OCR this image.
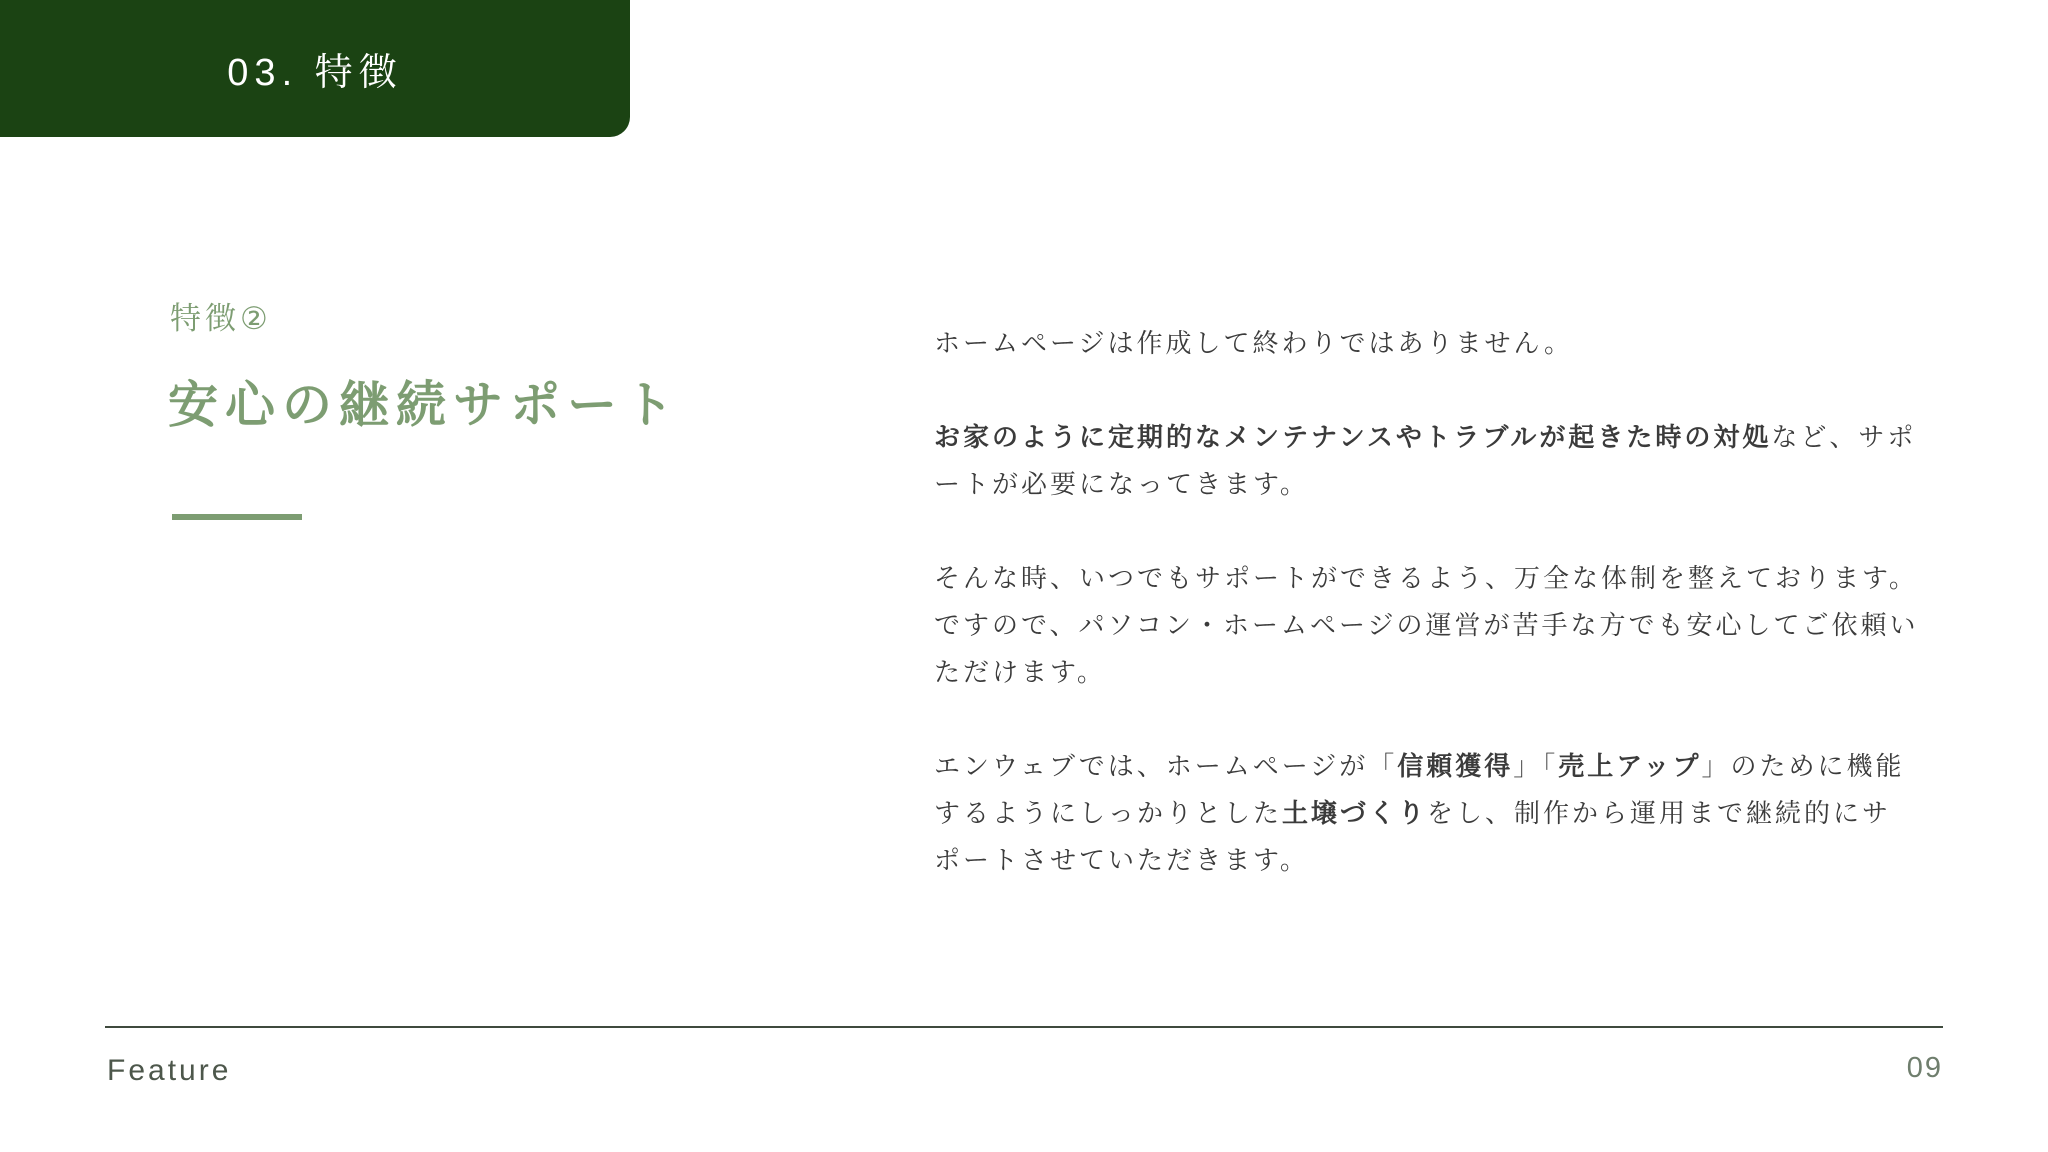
03. 特徴
特徴②
安心の継続サポート

ホームページは作成して終わりではありません。

お家のように定期的なメンテナンスやトラブルが起きた時の対処など、サポートが必要になってきます。

そんな時、いつでもサポートができるよう、万全な体制を整えております。ですので、パソコン・ホームページの運営が苦手な方でも安心してご依頼いただけます。

エンウェブでは、ホームページが「信頼獲得」「売上アップ」のために機能するようにしっかりとした土壌づくりをし、制作から運用まで継続的にサポートさせていただきます。

Feature	09
